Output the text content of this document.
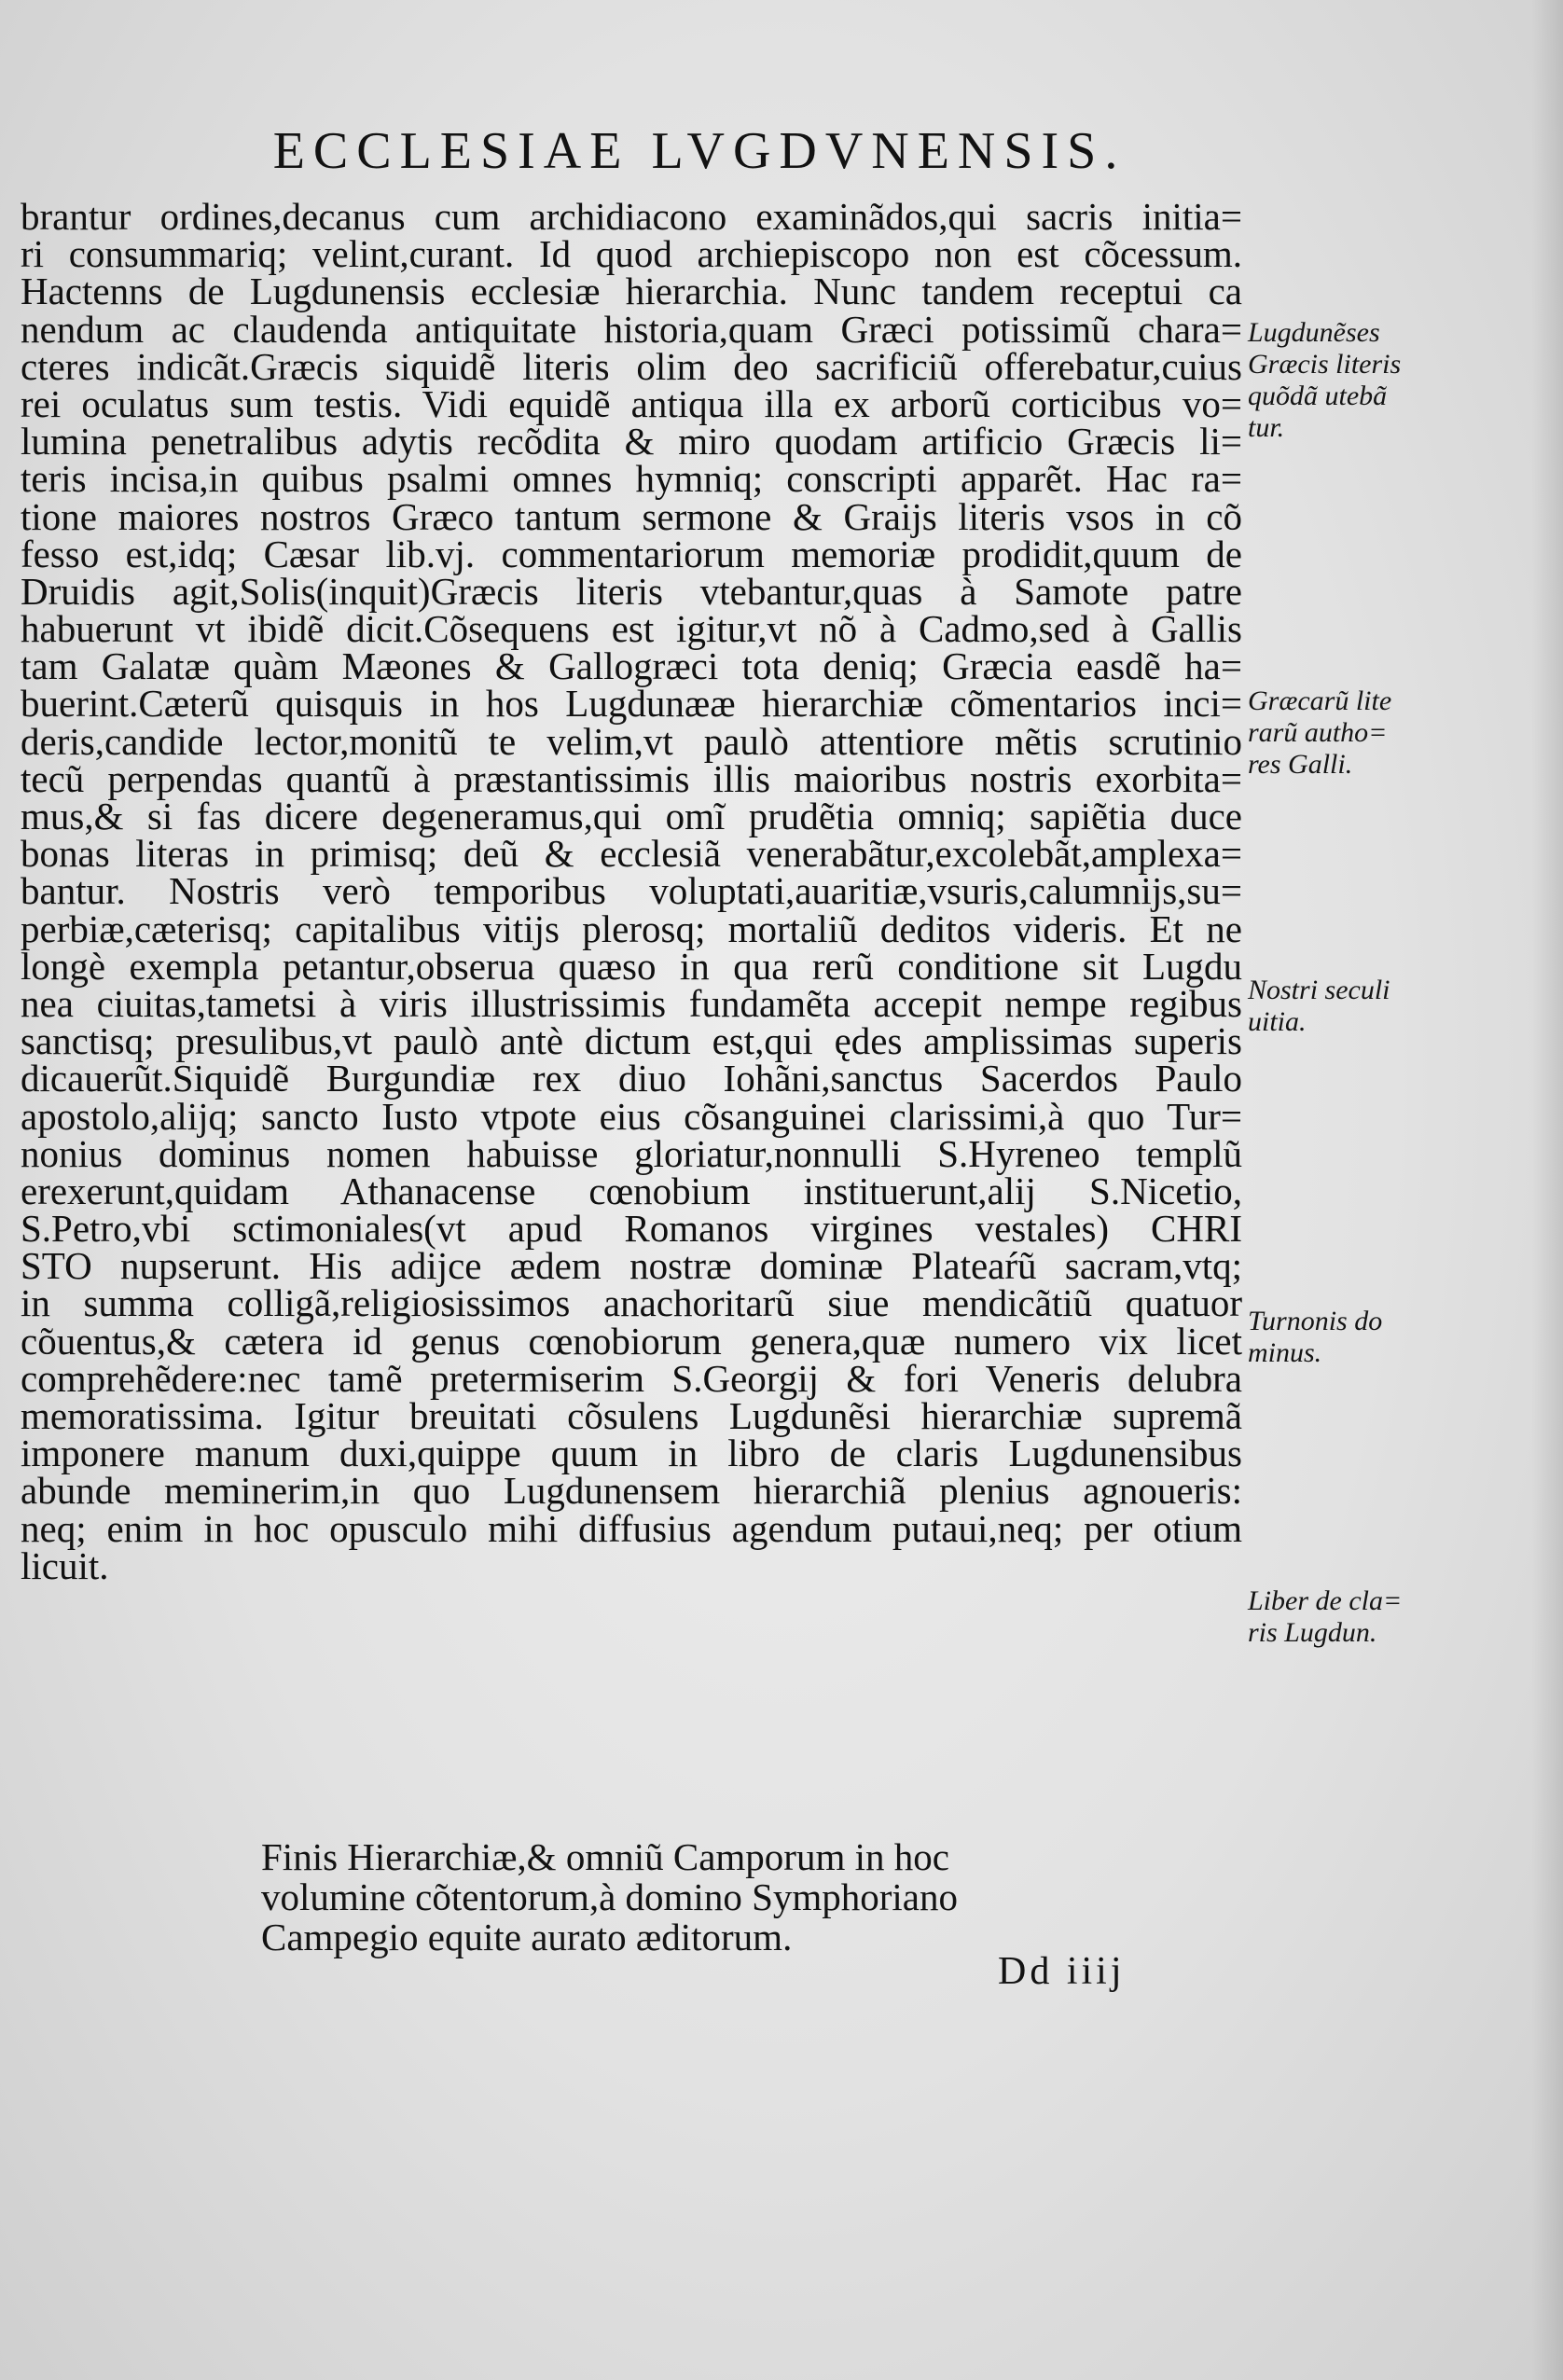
ECCLESIAE LVGDVNENSIS.
brantur ordines,decanus cum archidiacono examinãdos,qui sacris initia=
ri consummariq; velint,curant. Id quod archiepiscopo non est cõcessum.
Hactenns de Lugdunensis ecclesiæ hierarchia. Nunc tandem receptui ca
nendum ac claudenda antiquitate historia,quam Græci potissimũ chara=
cteres indicãt.Græcis siquidẽ literis olim deo sacrificiũ offerebatur,cuius
rei oculatus sum testis. Vidi equidẽ antiqua illa ex arborũ corticibus vo=
lumina penetralibus adytis recõdita & miro quodam artificio Græcis li=
teris incisa,in quibus psalmi omnes hymniq; conscripti apparẽt. Hac ra=
tione maiores nostros Græco tantum sermone & Graijs literis vsos in cõ
fesso est,idq; Cæsar lib.vj. commentariorum memoriæ prodidit,quum de
Druidis agit,Solis(inquit)Græcis literis vtebantur,quas à Samote patre
habuerunt vt ibidẽ dicit.Cõsequens est igitur,vt nõ à Cadmo,sed à Gallis
tam Galatæ quàm Mæones & Gallogræci tota deniq; Græcia easdẽ ha=
buerint.Cæterũ quisquis in hos Lugdunææ hierarchiæ cõmentarios inci=
deris,candide lector,monitũ te velim,vt paulò attentiore mẽtis scrutinio
tecũ perpendas quantũ à præstantissimis illis maioribus nostris exorbita=
mus,& si fas dicere degeneramus,qui omĩ prudẽtia omniq; sapiẽtia duce
bonas literas in primisq; deũ & ecclesiã venerabãtur,excolebãt,amplexa=
bantur. Nostris verò temporibus voluptati,auaritiæ,vsuris,calumnijs,su=
perbiæ,cæterisq; capitalibus vitijs plerosq; mortaliũ deditos videris. Et ne
longè exempla petantur,obserua quæso in qua rerũ conditione sit Lugdu
nea ciuitas,tametsi à viris illustrissimis fundamẽta accepit nempe regibus
sanctisq; presulibus,vt paulò antè dictum est,qui ędes amplissimas superis
dicauerũt.Siquidẽ Burgundiæ rex diuo Iohãni,sanctus Sacerdos Paulo
apostolo,alijq; sancto Iusto vtpote eius cõsanguinei clarissimi,à quo Tur=
nonius dominus nomen habuisse gloriatur,nonnulli S.Hyreneo templũ
erexerunt,quidam Athanacense cœnobium instituerunt,alij S.Nicetio,
S.Petro,vbi sctimoniales(vt apud Romanos virgines vestales) CHRI
STO nupserunt. His adijce ædem nostræ dominæ Plateaŕũ sacram,vtq;
in summa colligã,religiosissimos anachoritarũ siue mendicãtiũ quatuor
cõuentus,& cætera id genus cœnobiorum genera,quæ numero vix licet
comprehẽdere:nec tamẽ pretermiserim S.Georgij & fori Veneris delubra
memoratissima. Igitur breuitati cõsulens Lugdunẽsi hierarchiæ supremã
imponere manum duxi,quippe quum in libro de claris Lugdunensibus
abunde meminerim,in quo Lugdunensem hierarchiã plenius agnoueris:
neq; enim in hoc opusculo mihi diffusius agendum putaui,neq; per otium
licuit.
Lugdunẽses
Græcis literis
quõdã utebã
tur.
Græcarũ lite
rarũ autho=
res Galli.
Nostri seculi
uitia.
Turnonis do
minus.
Liber de cla=
ris Lugdun.
Finis Hierarchiæ,& omniũ Camporum in hoc
volumine cõtentorum,à domino Symphoriano
Campegio equite aurato æditorum.
Dd iiij
